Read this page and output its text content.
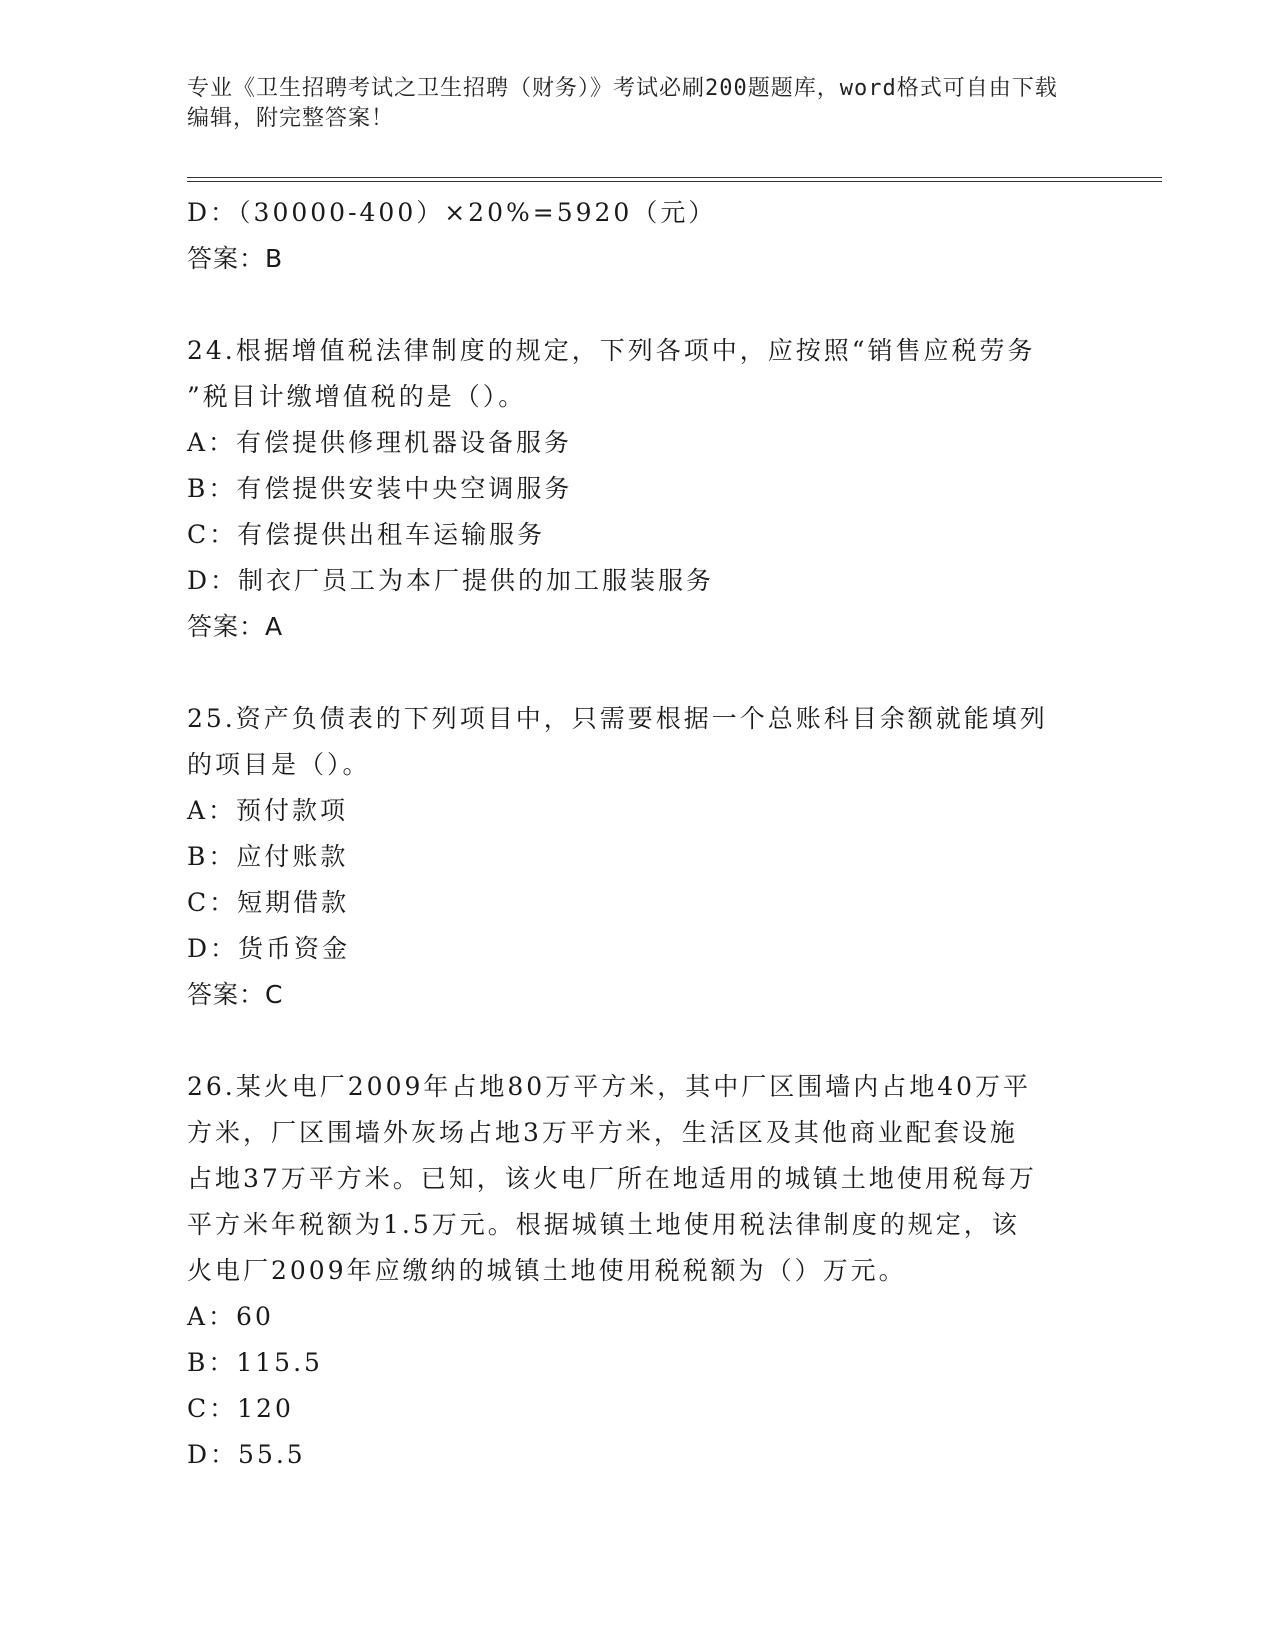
专业《卫生招聘考试之卫生招聘（财务）》考试必刷200题题库，word格式可自由下载编辑，附完整答案！
D：（30000-400）×20%=5920（元）
答案：B
24.根据增值税法律制度的规定，下列各项中，应按照“销售应税劳务
”税目计缴增值税的是（）。
A：有偿提供修理机器设备服务
B：有偿提供安装中央空调服务
C：有偿提供出租车运输服务
D：制衣厂员工为本厂提供的加工服装服务
答案：A
25.资产负债表的下列项目中，只需要根据一个总账科目余额就能填列
的项目是（）。
A：预付款项
B：应付账款
C：短期借款
D：货币资金
答案：C
26.某火电厂2009年占地80万平方米，其中厂区围墙内占地40万平
方米，厂区围墙外灰场占地3万平方米，生活区及其他商业配套设施
占地37万平方米。已知，该火电厂所在地适用的城镇土地使用税每万
平方米年税额为1.5万元。根据城镇土地使用税法律制度的规定，该
火电厂2009年应缴纳的城镇土地使用税税额为（）万元。
A：60
B：115.5
C：120
D：55.5
